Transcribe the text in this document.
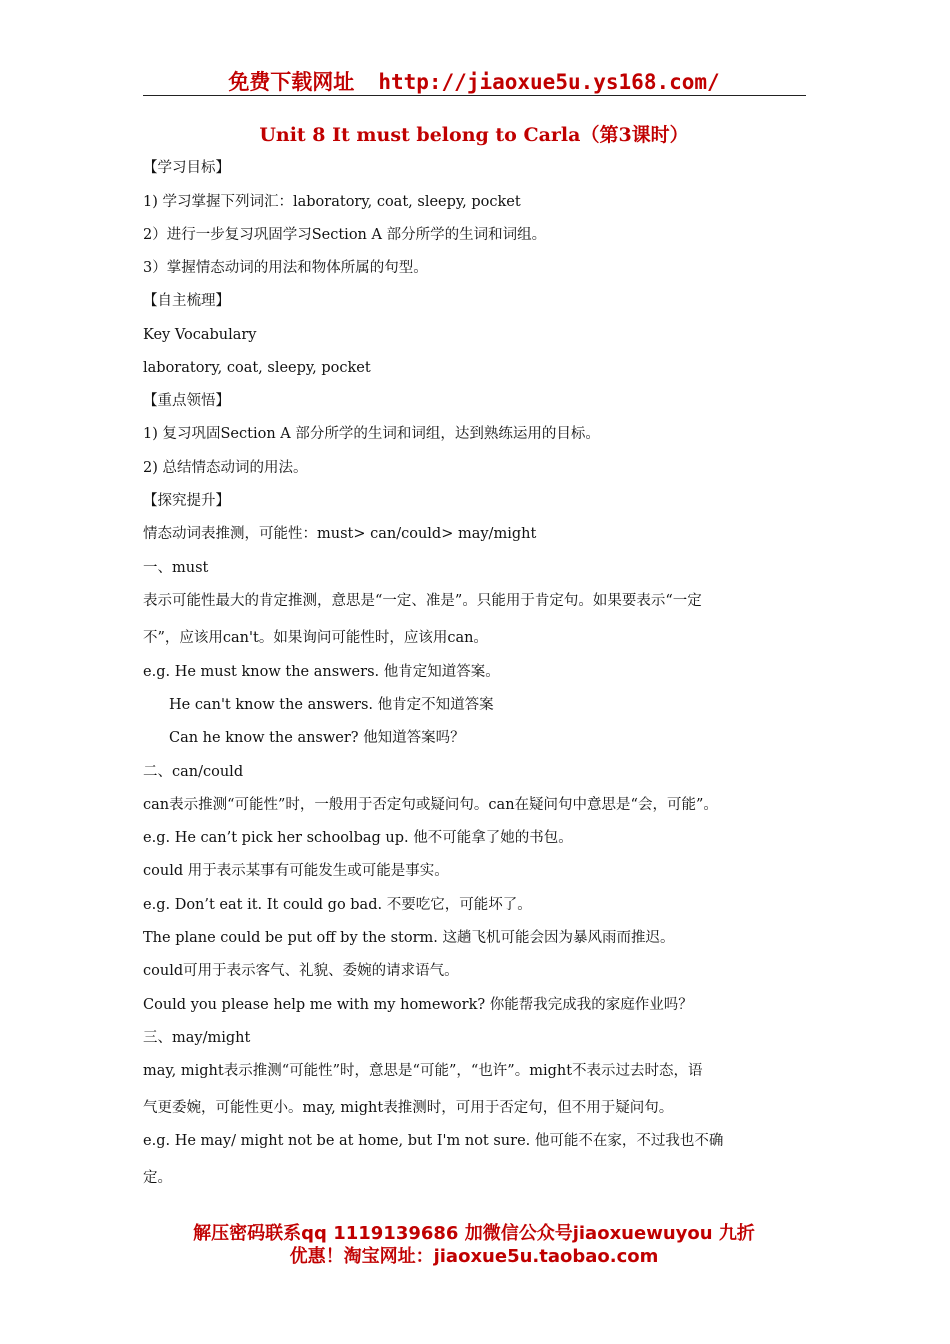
免费下载网址 http://jiaoxue5u.ys168.com/
Unit 8 It must belong to Carla（第3课时）
【学习目标】
1) 学习掌握下列词汇：laboratory, coat, sleepy, pocket
2）进行一步复习巩固学习Section A 部分所学的生词和词组。
3）掌握情态动词的用法和物体所属的句型。
【自主梳理】
Key Vocabulary
laboratory, coat, sleepy, pocket
【重点领悟】
1) 复习巩固Section A 部分所学的生词和词组，达到熟练运用的目标。
2) 总结情态动词的用法。
【探究提升】
情态动词表推测，可能性：must> can/could> may/might
一、must
表示可能性最大的肯定推测，意思是“一定、准是”。只能用于肯定句。如果要表示“一定
不”，应该用can't。如果询问可能性时，应该用can。
e.g. He must know the answers. 他肯定知道答案。
He can't know the answers. 他肯定不知道答案
Can he know the answer? 他知道答案吗？
二、can/could
can表示推测“可能性”时，一般用于否定句或疑问句。can在疑问句中意思是“会，可能”。
e.g. He can’t pick her schoolbag up. 他不可能拿了她的书包。
could 用于表示某事有可能发生或可能是事实。
e.g. Don’t eat it. It could go bad. 不要吃它，可能坏了。
The plane could be put off by the storm. 这趟飞机可能会因为暴风雨而推迟。
could可用于表示客气、礼貌、委婉的请求语气。
Could you please help me with my homework? 你能帮我完成我的家庭作业吗？
三、may/might
may, might表示推测“可能性”时，意思是“可能”，“也许”。might不表示过去时态，语
气更委婉，可能性更小。may, might表推测时，可用于否定句，但不用于疑问句。
e.g. He may/ might not be at home, but I'm not sure. 他可能不在家，不过我也不确
定。
解压密码联系qq 1119139686 加微信公众号jiaoxuewuyou 九折
优惠！淘宝网址：jiaoxue5u.taobao.com
